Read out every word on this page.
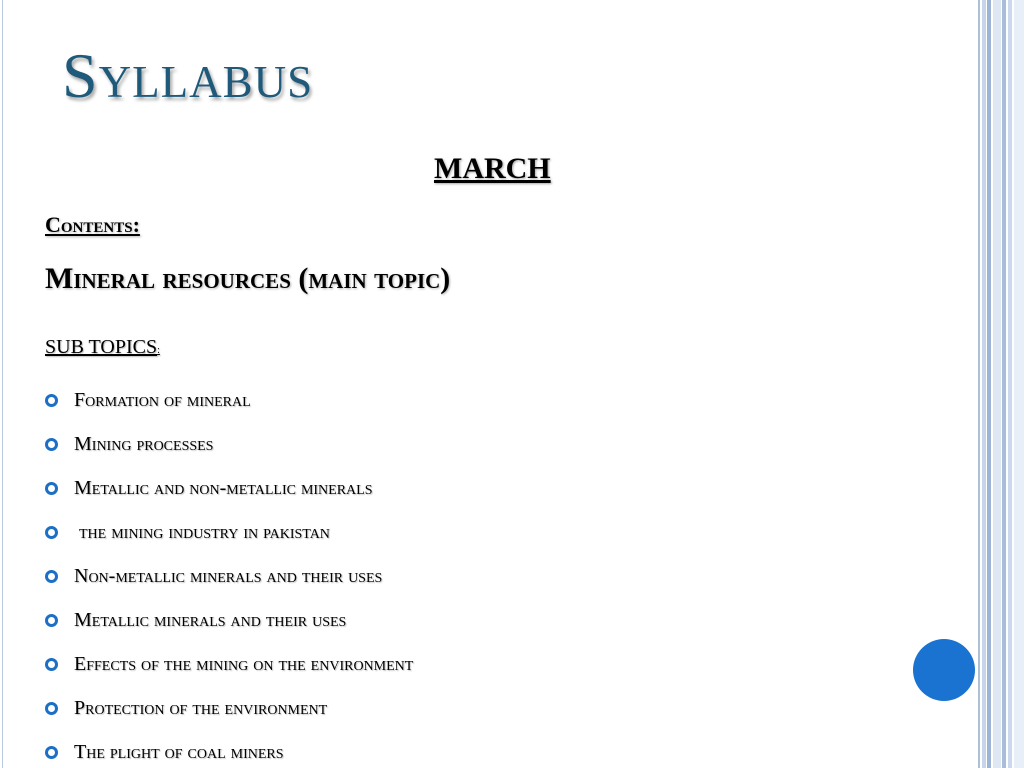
Syllabus
MARCH
Contents:
Mineral resources (main topic)
SUB TOPICS:
Formation of mineral
Mining processes
Metallic and non-metallic minerals
the mining industry in pakistan
Non-metallic minerals and their uses
Metallic minerals and their uses
Effects of the mining on the environment
Protection of the environment
The plight of coal miners
